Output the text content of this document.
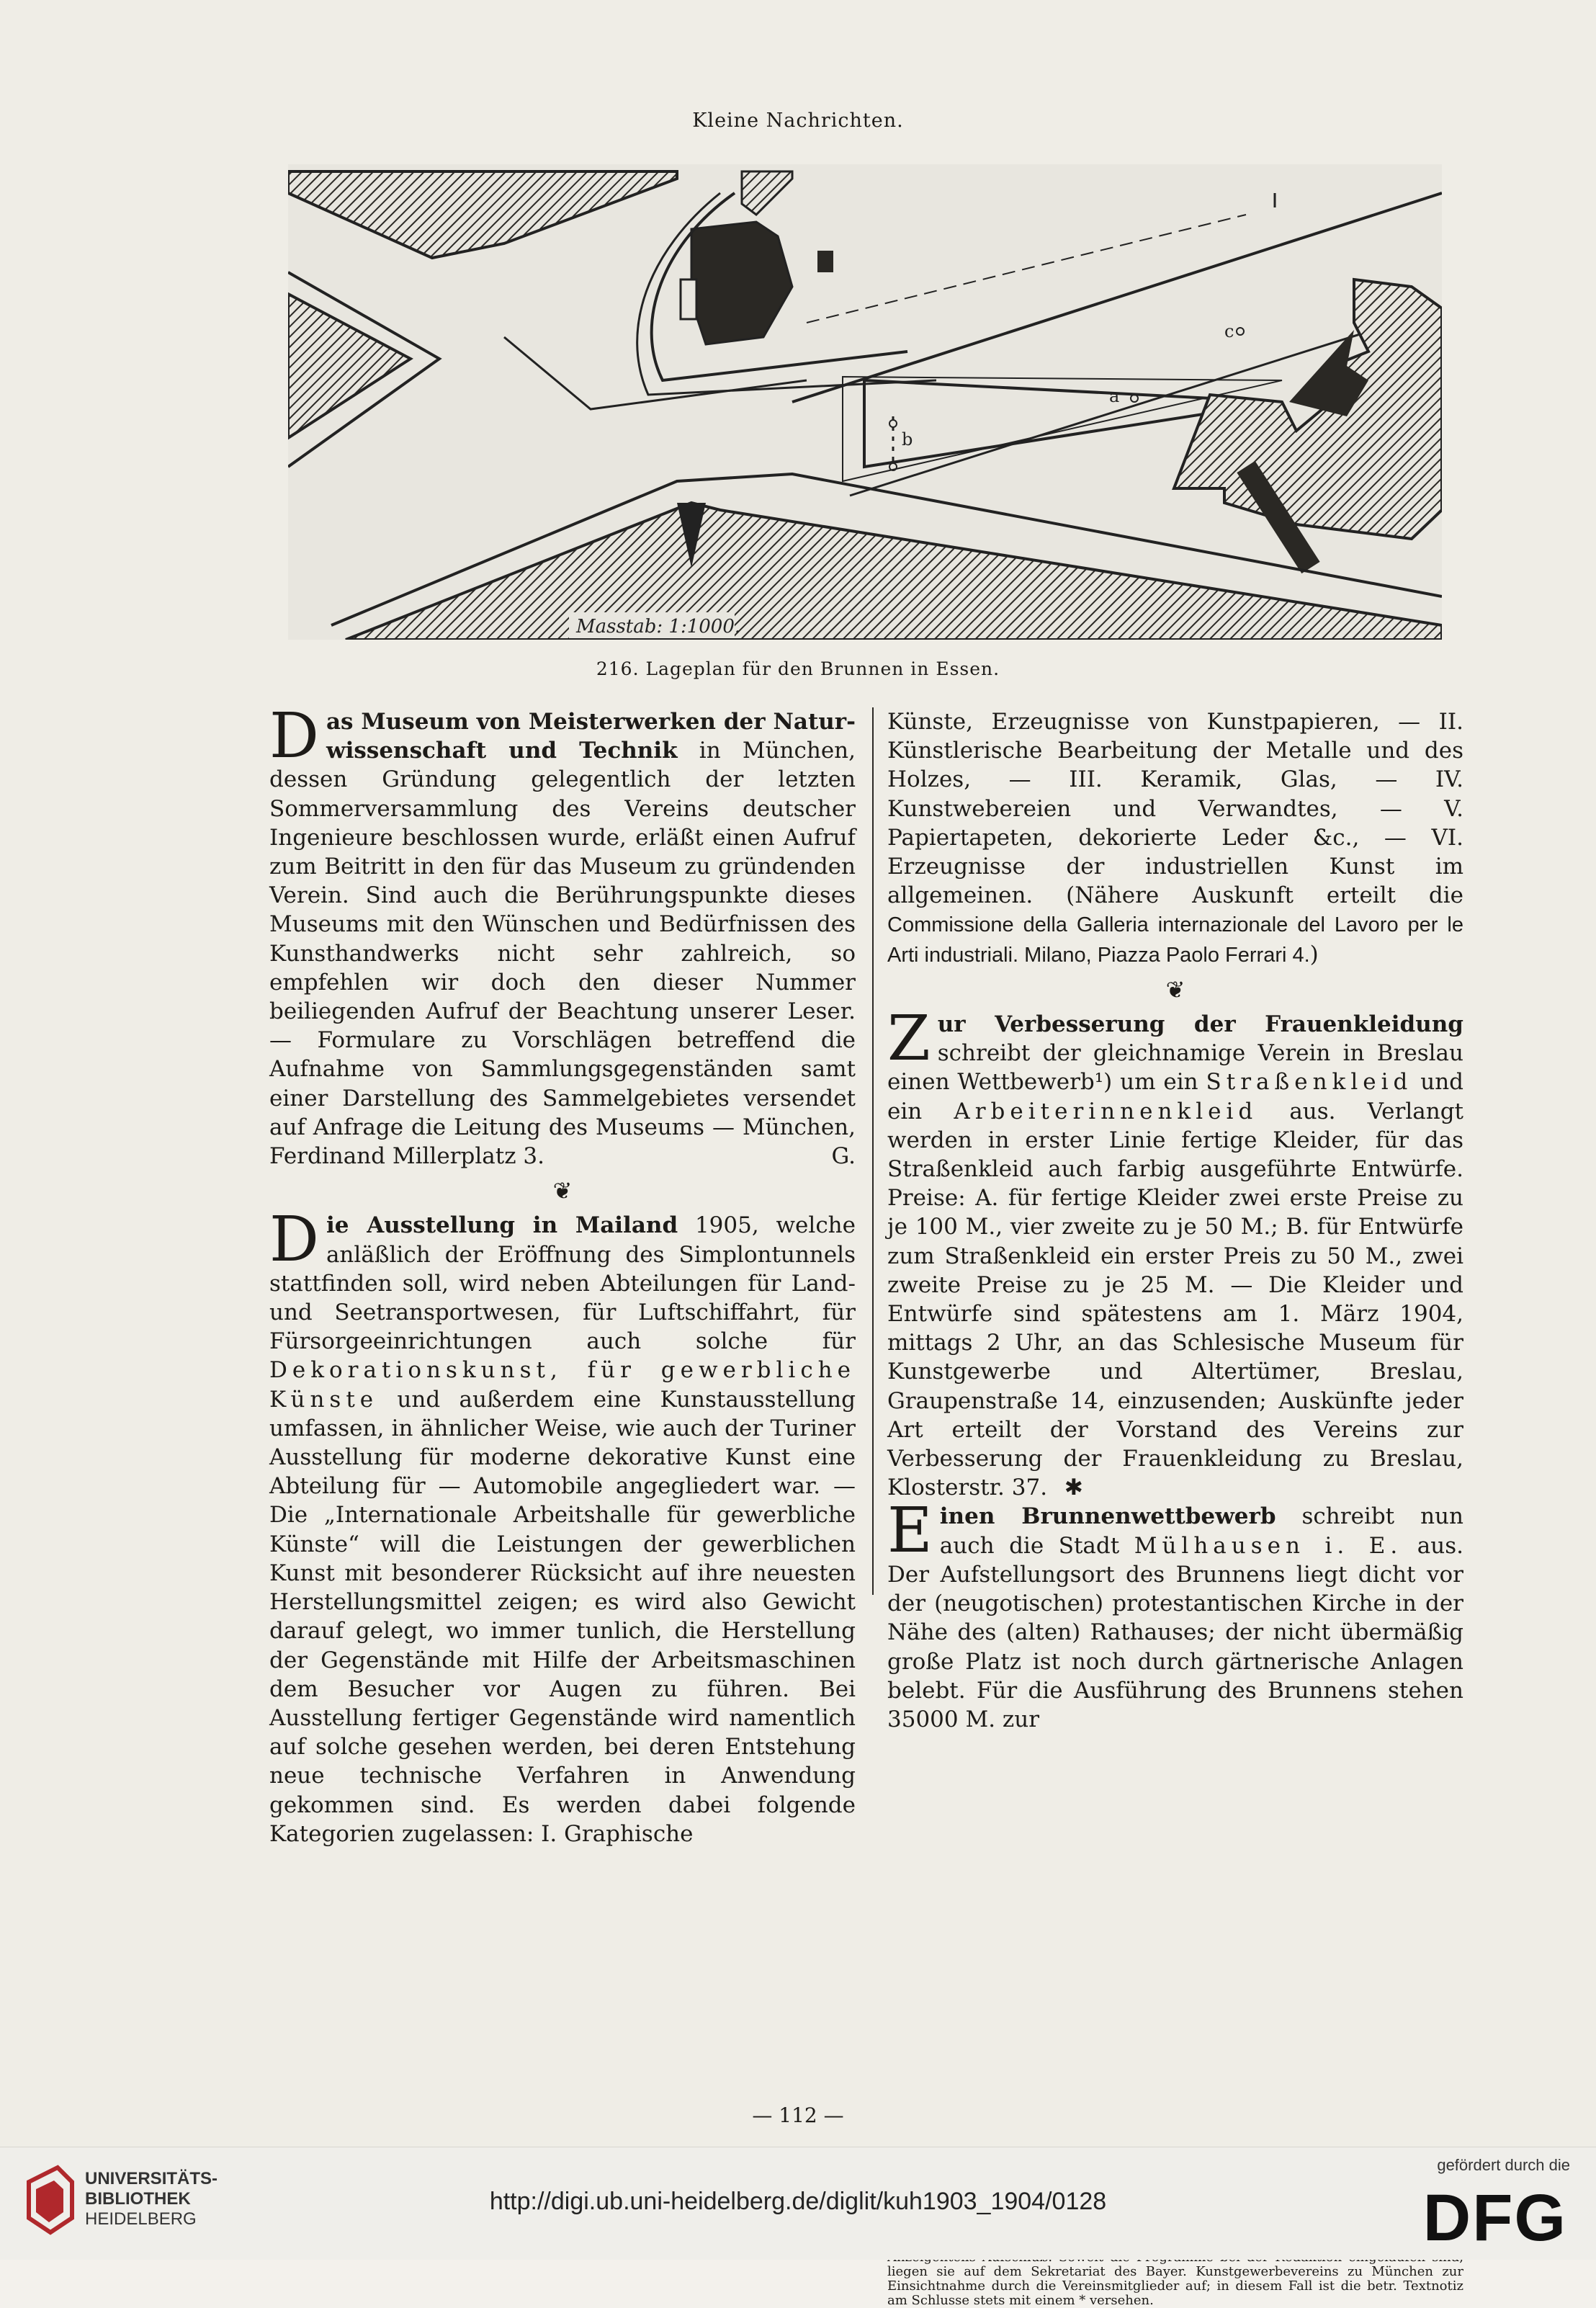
Kleine Nachrichten.
Masstab: 1:1000.
a
b
c
216. Lageplan für den Brunnen in Essen.

Das Museum von Meisterwerken der Natur-wissenschaft und Technik in München, dessen Gründung gelegentlich der letzten Sommerversammlung des Vereins deutscher Ingenieure beschlossen wurde, erläßt einen Aufruf zum Beitritt in den für das Museum zu gründenden Verein. Sind auch die Berührungspunkte dieses Museums mit den Wünschen und Bedürfnissen des Kunsthandwerks nicht sehr zahlreich, so empfehlen wir doch den dieser Nummer beiliegenden Aufruf der Beachtung unserer Leser. — Formulare zu Vorschlägen betreffend die Aufnahme von Sammlungsgegenständen samt einer Darstellung des Sammelgebietes versendet auf Anfrage die Leitung des Museums — München, Ferdinand Millerplatz 3.	G.

❦

Die Ausstellung in Mailand 1905, welche anläßlich der Eröffnung des Simplontunnels stattfinden soll, wird neben Abteilungen für Land- und Seetransportwesen, für Luftschiffahrt, für Fürsorgeeinrichtungen auch solche für Dekorationskunst, für gewerbliche Künste und außerdem eine Kunstausstellung umfassen, in ähnlicher Weise, wie auch der Turiner Ausstellung für moderne dekorative Kunst eine Abteilung für — Automobile angegliedert war. — Die „Internationale Arbeitshalle für gewerbliche Künste“ will die Leistungen der gewerblichen Kunst mit besonderer Rücksicht auf ihre neuesten Herstellungsmittel zeigen; es wird also Gewicht darauf gelegt, wo immer tunlich, die Herstellung der Gegenstände mit Hilfe der Arbeitsmaschinen dem Besucher vor Augen zu führen. Bei Ausstellung fertiger Gegenstände wird namentlich auf solche gesehen werden, bei deren Entstehung neue technische Verfahren in Anwendung gekommen sind. Es werden dabei folgende Kategorien zugelassen: I. Graphische

Künste, Erzeugnisse von Kunstpapieren, — II. Künstlerische Bearbeitung der Metalle und des Holzes, — III. Keramik, Glas, — IV. Kunstwebereien und Verwandtes, — V. Papiertapeten, dekorierte Leder &c., — VI. Erzeugnisse der industriellen Kunst im allgemeinen. (Nähere Auskunft erteilt die Commissione della Galleria internazionale del Lavoro per le Arti industriali. Milano, Piazza Paolo Ferrari 4.)

❦

Zur Verbesserung der Frauenkleidung schreibt der gleichnamige Verein in Breslau einen Wettbewerb¹) um ein Straßenkleid und ein Arbeiterinnenkleid aus. Verlangt werden in erster Linie fertige Kleider, für das Straßenkleid auch farbig ausgeführte Entwürfe. Preise: A. für fertige Kleider zwei erste Preise zu je 100 M., vier zweite zu je 50 M.; B. für Entwürfe zum Straßenkleid ein erster Preis zu 50 M., zwei zweite Preise zu je 25 M. — Die Kleider und Entwürfe sind spätestens am 1. März 1904, mittags 2 Uhr, an das Schlesische Museum für Kunstgewerbe und Altertümer, Breslau, Graupenstraße 14, einzusenden; Auskünfte jeder Art erteilt der Vorstand des Vereins zur Verbesserung der Frauenkleidung zu Breslau, Klosterstr. 37. ✱

Einen Brunnenwettbewerb schreibt nun auch die Stadt Mülhausen i. E. aus. Der Aufstellungsort des Brunnens liegt dicht vor der (neugotischen) protestantischen Kirche in der Nähe des (alten) Rathauses; der nicht übermäßig große Platz ist noch durch gärtnerische Anlagen belebt. Für die Ausführung des Brunnens stehen 35000 M. zur

liegen sie auf dem Sekretariat des Bayer. Kunstgewerbevereins zu München zur Einsichtnahme durch die Vereinsmitglieder auf; in diesem Fall ist die betr. Textnotiz am Schlusse stets mit einem * versehen.
— 112 —
UNIVERSITÄTS-
BIBLIOTHEK
HEIDELBERG
http://digi.ub.uni-heidelberg.de/diglit/kuh1903_1904/0128
gefördert durch die
DFG
